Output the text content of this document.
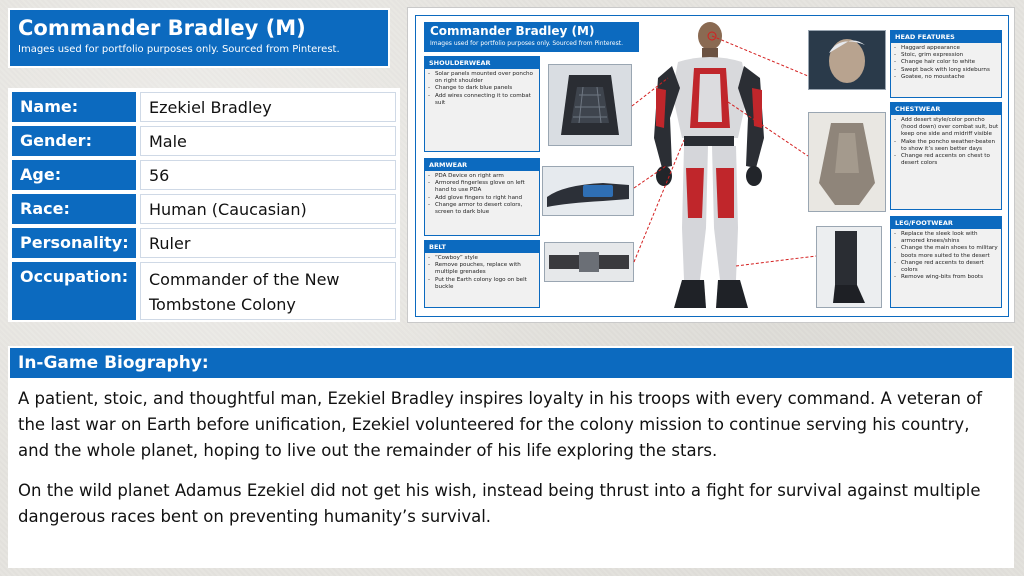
Commander Bradley (M)
Images used for portfolio purposes only. Sourced from Pinterest.
Name:	Ezekiel Bradley
Gender:	Male
Age:	56
Race:	Human (Caucasian)
Personality:	Ruler
Occupation:	Commander of the New Tombstone Colony
Commander Bradley (M)
Images used for portfolio purposes only. Sourced from Pinterest.
SHOULDERWEAR
- Solar panels mounted over poncho on right shoulder
- Change to dark blue panels
- Add wires connecting it to combat suit
ARMWEAR
- PDA Device on right arm
- Armored fingerless glove on left hand to use PDA
- Add glove fingers to right hand
- Change armor to desert colors, screen to dark blue
BELT
- “Cowboy” style
- Remove pouches, replace with multiple grenades
- Put the Earth colony logo on belt buckle
HEAD FEATURES
- Haggard appearance
- Stoic, grim expression
- Change hair color to white
- Swept back with long sideburns
- Goatee, no moustache
CHESTWEAR
- Add desert style/color poncho (hood down) over combat suit, but keep one side and midriff visible
- Make the poncho weather-beaten to show it’s seen better days
- Change red accents on chest to desert colors
LEG/FOOTWEAR
- Replace the sleek look with armored knees/shins
- Change the main shoes to military boots more suited to the desert
- Change red accents to desert colors
- Remove wing-bits from boots
In-Game Biography:

A patient, stoic, and thoughtful man, Ezekiel Bradley inspires loyalty in his troops with every command. A veteran of the last war on Earth before unification, Ezekiel volunteered for the colony mission to continue serving his country, and the whole planet, hoping to live out the remainder of his life exploring the stars.

On the wild planet Adamus Ezekiel did not get his wish, instead being thrust into a fight for survival against multiple dangerous races bent on preventing humanity’s survival.
